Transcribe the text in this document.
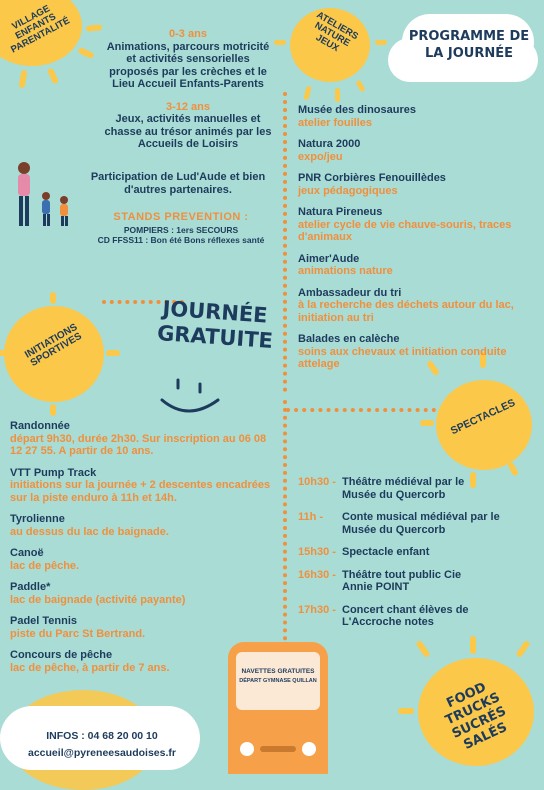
VILLAGE ENFANTS PARENTALITÉ	ATELIERS NATURE JEUX
INITIATIONS SPORTIVES
SPECTACLES
FOOD TRUCKS SUCRÉS SALÉS
PROGRAMME DE LA JOURNÉE
0-3 ans
Animations, parcours motricité et activités sensorielles proposés par les crèches et le Lieu Accueil Enfants-Parents
3-12 ans
Jeux, activités manuelles et chasse au trésor animés par les Accueils de Loisirs
Participation de Lud'Aude et bien d'autres partenaires.
STANDS PREVENTION :
POMPIERS : 1ers SECOURS
CD FFSS11 : Bon été Bons réflexes santé
Musée des dinosaures
atelier fouilles
Natura 2000
expo/jeu
PNR Corbières Fenouillèdes
jeux pédagogiques
Natura Pireneus
atelier cycle de vie chauve-souris, traces d'animaux
Aimer'Aude
animations nature
Ambassadeur du tri
à la recherche des déchets autour du lac, initiation au tri
Balades en calèche
soins aux chevaux et initiation conduite attelage
JOURNÉE
GRATUITE
Randonnée
départ 9h30, durée 2h30. Sur inscription au 06 08 12 27 55. A partir de 10 ans.
VTT Pump Track
initiations sur la journée + 2 descentes encadrées sur la piste enduro à 11h et 14h.
Tyrolienne
au dessus du lac de baignade.
Canoë
lac de pêche.
Paddle*
lac de baignade (activité payante)
Padel Tennis
piste du Parc St Bertrand.
Concours de pêche
lac de pêche, à partir de 7 ans.
10h30 - Théâtre médiéval par le Musée du Quercorb
11h -	Conte musical médiéval par le Musée du Quercorb
15h30 - Spectacle enfant
16h30 - Théâtre tout public Cie Annie POINT
17h30 - Concert chant élèves de L'Accroche notes
NAVETTES GRATUITES
DÉPART GYMNASE QUILLAN
INFOS : 04 68 20 00 10
accueil@pyreneesaudoises.fr
